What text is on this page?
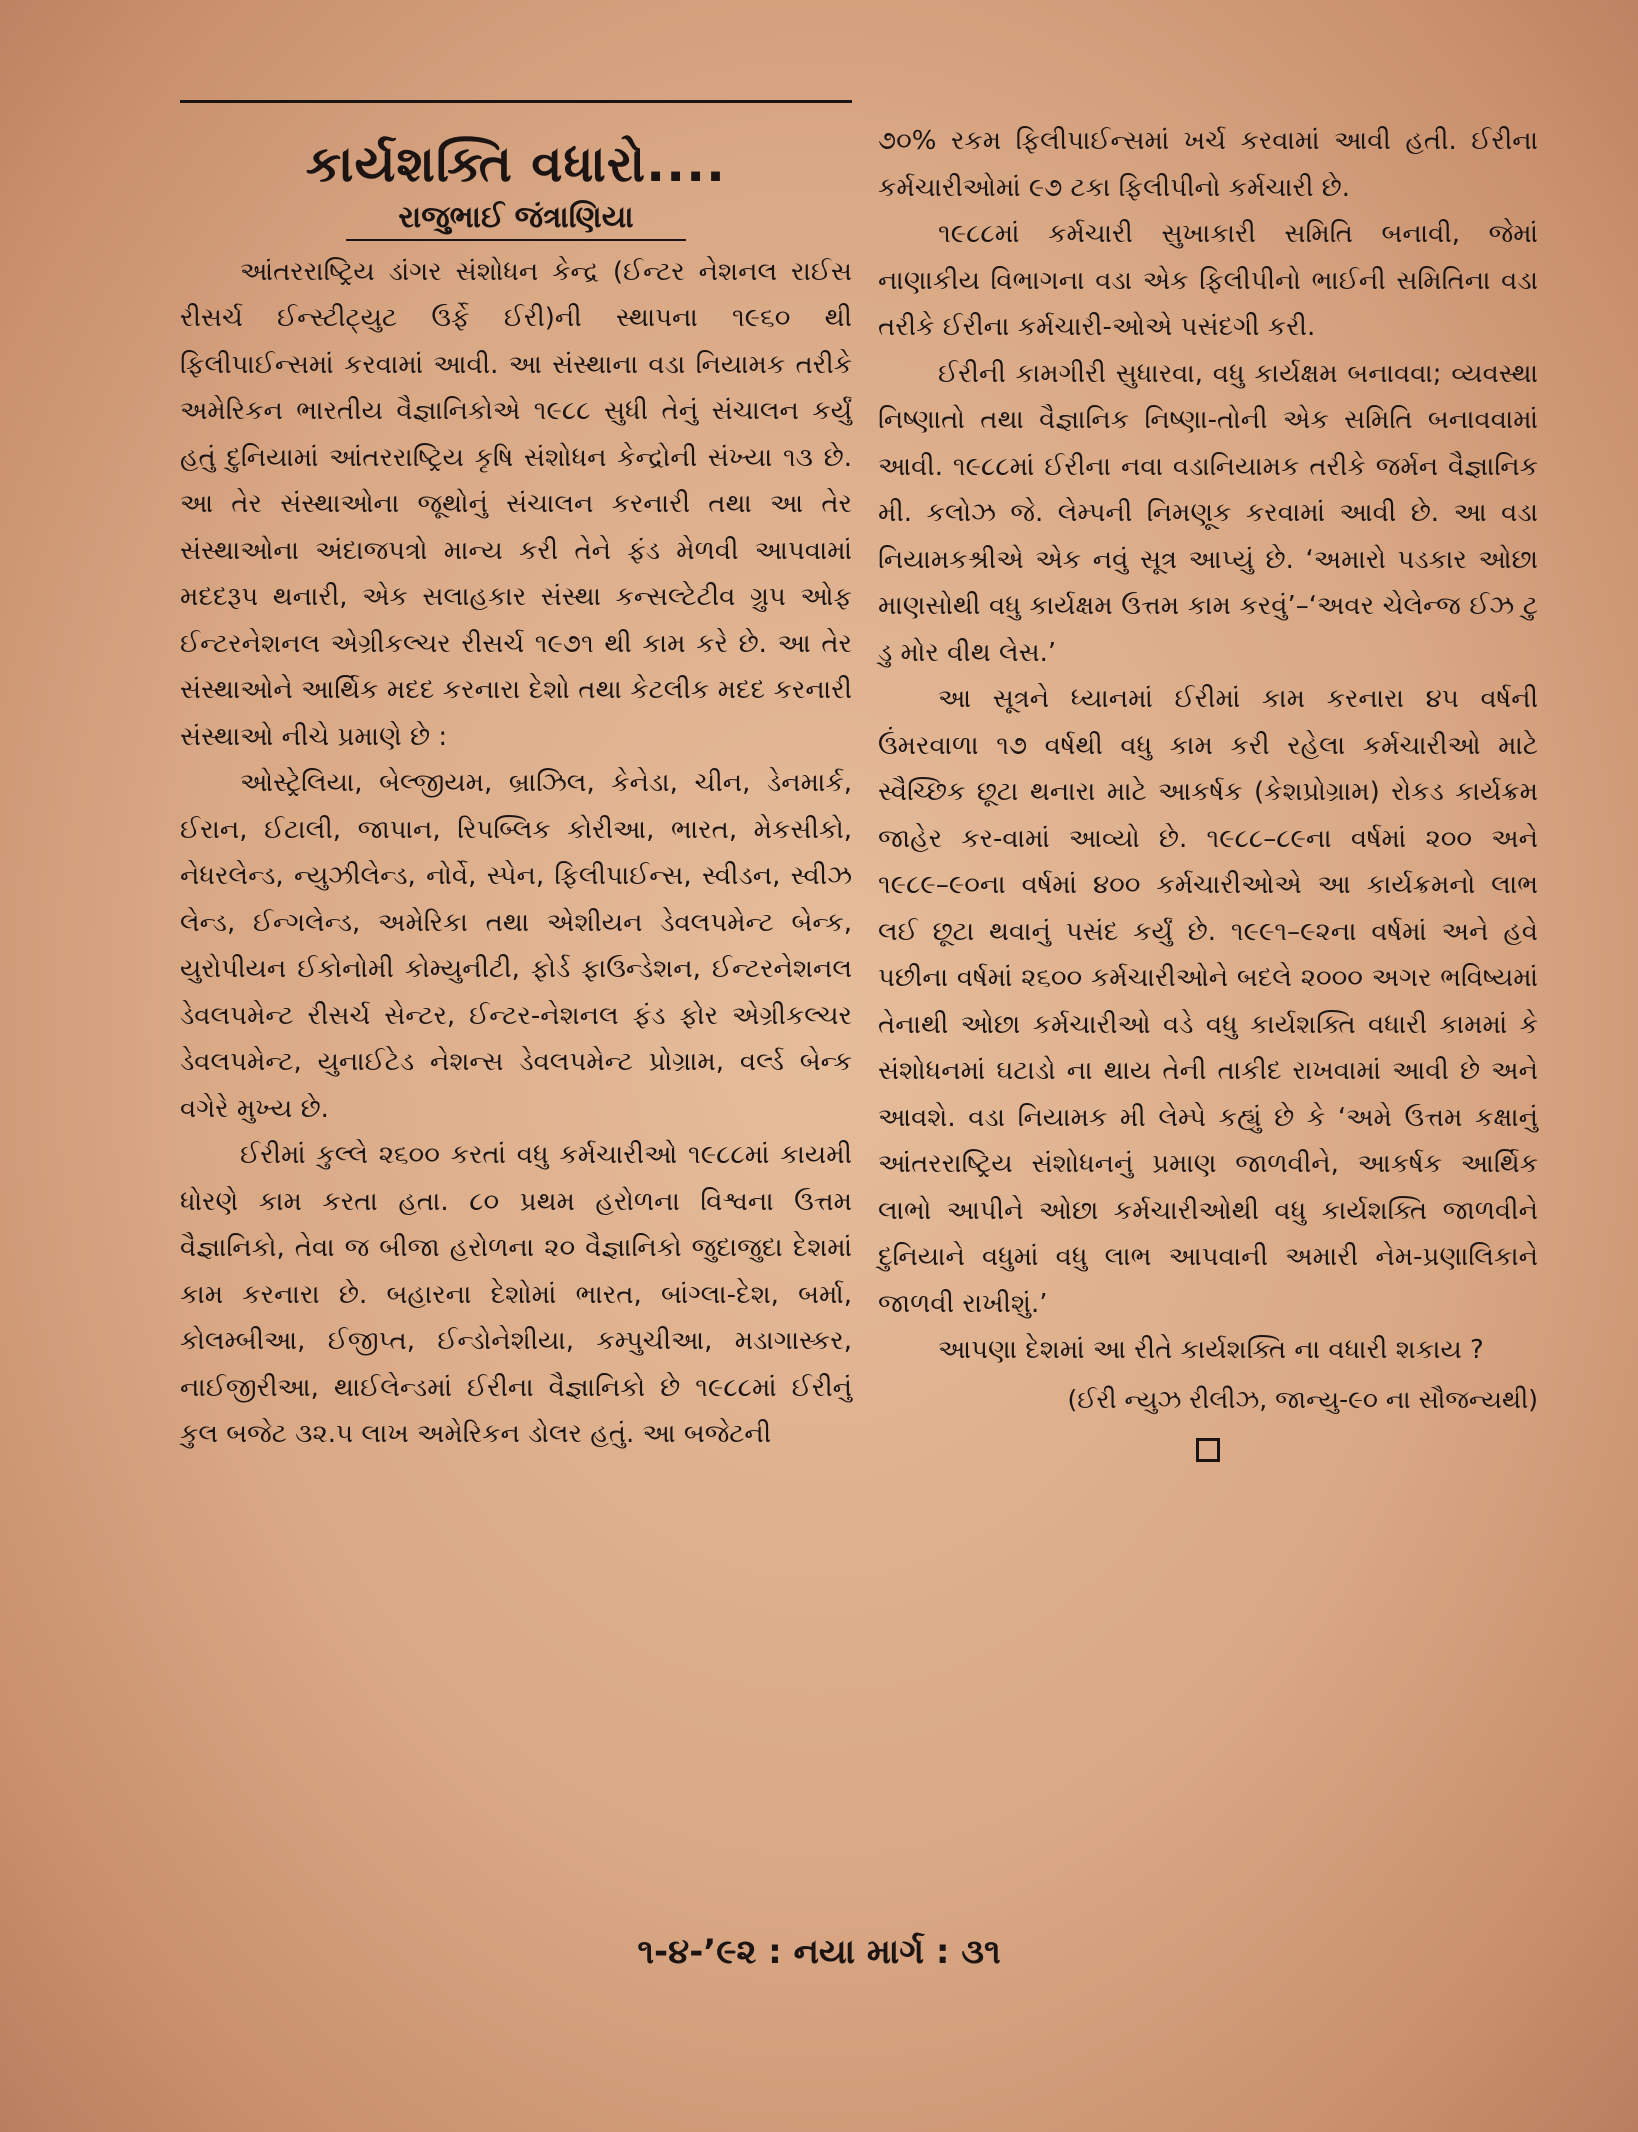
કાર્યશક્તિ વધારો....
રાજુભાઈ જંત્રાણિયા

આંતરરાષ્ટ્રિય ડાંગર સંશોધન કેન્દ્ર (ઈન્ટર નેશનલ રાઈસ રીસર્ચ ઈન્સ્ટીટ્યુટ ઉર્ફે ઈરી)ની સ્થાપના ૧૯૬૦ થી ફિલીપાઈન્સમાં કરવામાં આવી. આ સંસ્થાના વડા નિયામક તરીકે અમેરિકન ભારતીય વૈજ્ઞાનિકોએ ૧૯૮૮ સુધી તેનું સંચાલન કર્યું હતું દુનિયામાં આંતરરાષ્ટ્રિય કૃષિ સંશોધન કેન્દ્રોની સંખ્યા ૧૩ છે. આ તેર સંસ્થાઓના જૂથોનું સંચાલન કરનારી તથા આ તેર સંસ્થાઓના અંદાજપત્રો માન્ય કરી તેને ફંડ મેળવી આપવામાં મદદરૂપ થનારી, એક સલાહકાર સંસ્થા કન્સલ્ટેટીવ ગ્રુપ ઓફ ઈન્ટરનેશનલ એગ્રીકલ્ચર રીસર્ચ ૧૯૭૧ થી કામ કરે છે. આ તેર સંસ્થાઓને આર્થિક મદદ કરનારા દેશો તથા કેટલીક મદદ કરનારી સંસ્થાઓ નીચે પ્રમાણે છે :

ઓસ્ટ્રેલિયા, બેલ્જીયમ, બ્રાઝિલ, કેનેડા, ચીન, ડેનમાર્ક, ઈરાન, ઈટાલી, જાપાન, રિપબ્લિક કોરીઆ, ભારત, મેકસીકો, નેધરલેન્ડ, ન્યુઝીલેન્ડ, નોર્વે, સ્પેન, ફિલીપાઈન્સ, સ્વીડન, સ્વીઝ લેન્ડ, ઈન્ગલેન્ડ, અમેરિકા તથા એશીયન ડેવલપમેન્ટ બેન્ક, યુરોપીયન ઈકોનોમી કોમ્યુનીટી, ફોર્ડ ફાઉન્ડેશન, ઈન્ટરનેશનલ ડેવલપમેન્ટ રીસર્ચ સેન્ટર, ઈન્ટર-નેશનલ ફંડ ફોર એગ્રીકલ્ચર ડેવલપમેન્ટ, યુનાઈટેડ નેશન્સ ડેવલપમેન્ટ પ્રોગ્રામ, વર્લ્ડ બેન્ક વગેરે મુખ્ય છે.

ઈરીમાં કુલ્લે ૨૬૦૦ કરતાં વધુ કર્મચારીઓ ૧૯૮૮માં કાયમી ધોરણે કામ કરતા હતા. ૮૦ પ્રથમ હરોળના વિશ્વના ઉત્તમ વૈજ્ઞાનિકો, તેવા જ બીજા હરોળના ૨૦ વૈજ્ઞાનિકો જુદાજુદા દેશમાં કામ કરનારા છે. બહારના દેશોમાં ભારત, બાંગ્લા-દેશ, બર્મા, કોલમ્બીઆ, ઈજીપ્ત, ઈન્ડોનેશીયા, કમ્પુચીઆ, મડાગાસ્કર, નાઈજીરીઆ, થાઈલેન્ડમાં ઈરીના વૈજ્ઞાનિકો છે ૧૯૮૮માં ઈરીનું કુલ બજેટ ૩૨.૫ લાખ અમેરિકન ડોલર હતું. આ બજેટની

૭૦% રકમ ફિલીપાઈન્સમાં ખર્ચ કરવામાં આવી હતી. ઈરીના કર્મચારીઓમાં ૯૭ ટકા ફિલીપીનો કર્મચારી છે.

૧૯૮૮માં કર્મચારી સુખાકારી સમિતિ બનાવી, જેમાં નાણાકીય વિભાગના વડા એક ફિલીપીનો ભાઈની સમિતિના વડા તરીકે ઈરીના કર્મચારી-ઓએ પસંદગી કરી.

ઈરીની કામગીરી સુધારવા, વધુ કાર્યક્ષમ બનાવવા; વ્યવસ્થા નિષ્ણાતો તથા વૈજ્ઞાનિક નિષ્ણા-તોની એક સમિતિ બનાવવામાં આવી. ૧૯૮૮માં ઈરીના નવા વડાનિયામક તરીકે જર્મન વૈજ્ઞાનિક મી. કલોઝ જે. લેમ્પની નિમણૂક કરવામાં આવી છે. આ વડા નિયામકશ્રીએ એક નવું સૂત્ર આપ્યું છે. ‘અમારો પડકાર ઓછા માણસોથી વધુ કાર્યક્ષમ ઉત્તમ કામ કરવું’–‘અવર ચેલેન્જ ઈઝ ટુ ડુ મોર વીથ લેસ.’

આ સૂત્રને ધ્યાનમાં ઈરીમાં કામ કરનારા ૪૫ વર્ષની ઉંમરવાળા ૧૭ વર્ષથી વધુ કામ કરી રહેલા કર્મચારીઓ માટે સ્વૈચ્છિક છૂટા થનારા માટે આકર્ષક (કેશપ્રોગ્રામ) રોકડ કાર્યક્રમ જાહેર કર-વામાં આવ્યો છે. ૧૯૮૮–૮૯ના વર્ષમાં ૨૦૦ અને ૧૯૮૯–૯૦ના વર્ષમાં ૪૦૦ કર્મચારીઓએ આ કાર્યક્રમનો લાભ લઈ છૂટા થવાનું પસંદ કર્યું છે. ૧૯૯૧–૯૨ના વર્ષમાં અને હવે પછીના વર્ષમાં ૨૬૦૦ કર્મચારીઓને બદલે ૨૦૦૦ અગર ભવિષ્યમાં તેનાથી ઓછા કર્મચારીઓ વડે વધુ કાર્યશક્તિ વધારી કામમાં કે સંશોધનમાં ઘટાડો ના થાય તેની તાકીદ રાખવામાં આવી છે અને આવશે. વડા નિયામક મી લેમ્પે કહ્યું છે કે ‘અમે ઉત્તમ કક્ષાનું આંતરરાષ્ટ્રિય સંશોધનનું પ્રમાણ જાળવીને, આકર્ષક આર્થિક લાભો આપીને ઓછા કર્મચારીઓથી વધુ કાર્યશક્તિ જાળવીને દુનિયાને વધુમાં વધુ લાભ આપવાની અમારી નેમ-પ્રણાલિકાને જાળવી રાખીશું.’

આપણા દેશમાં આ રીતે કાર્યશક્તિ ના વધારી શકાય ?

(ઈરી ન્યુઝ રીલીઝ, જાન્યુ-૯૦ ના સૌજન્યથી)

૧-૪-’૯૨ : નયા માર્ગ : ૩૧
